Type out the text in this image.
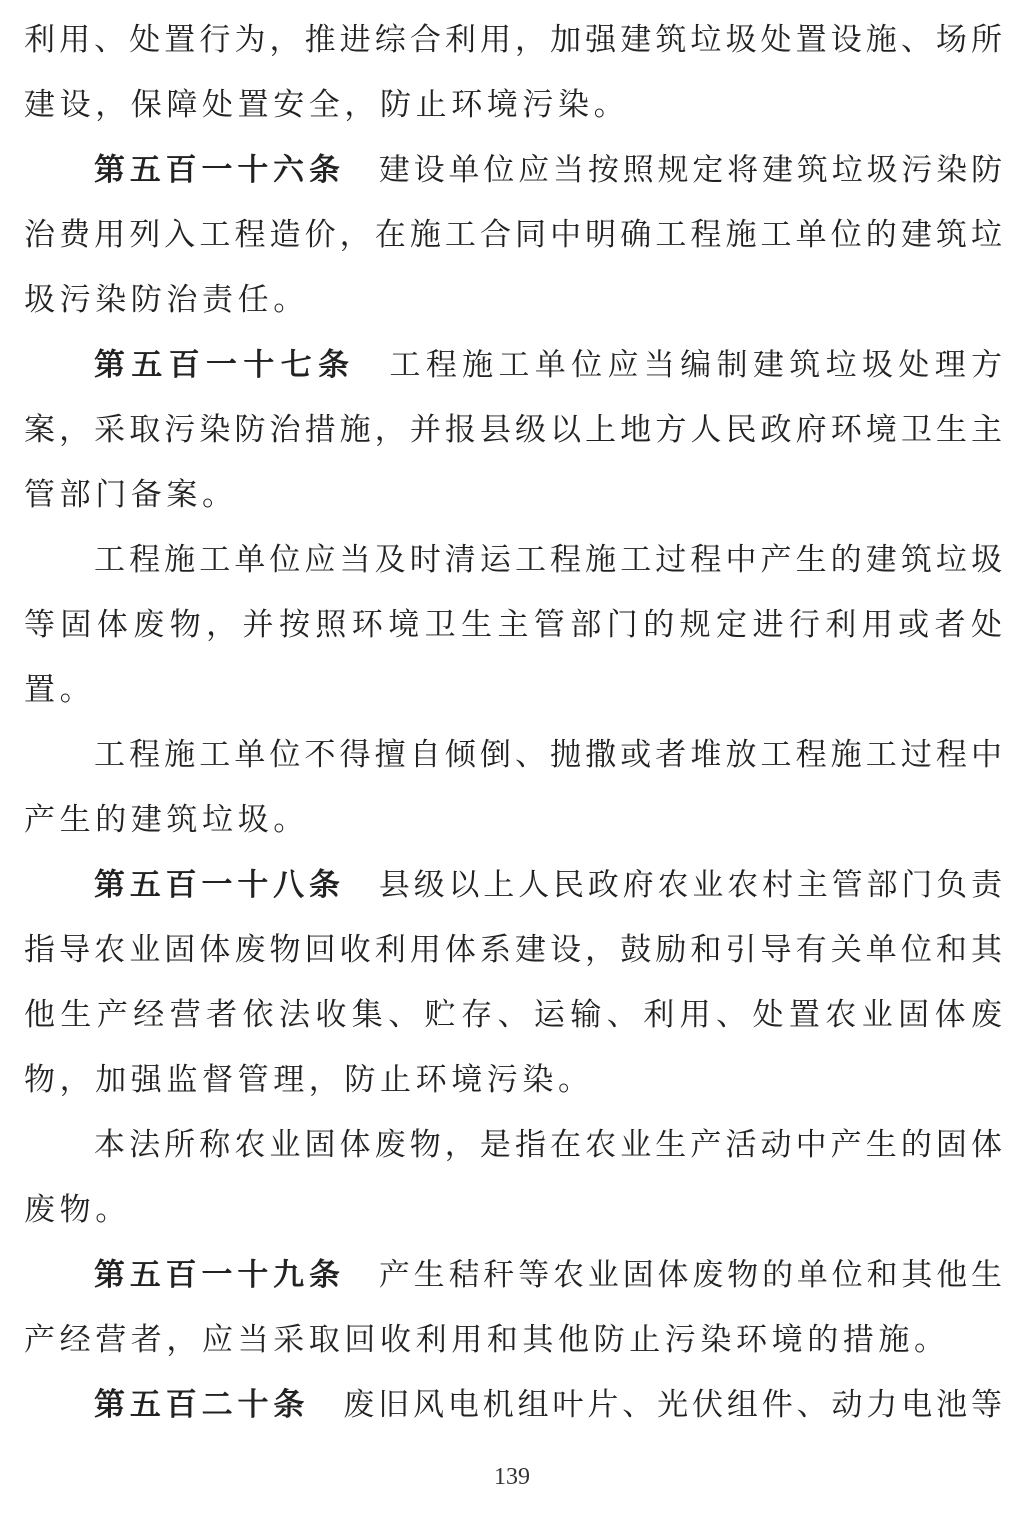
利用、处置行为，推进综合利用，加强建筑垃圾处置设施、场所
建设，保障处置安全，防止环境污染。
第五百一十六条 建设单位应当按照规定将建筑垃圾污染防
治费用列入工程造价，在施工合同中明确工程施工单位的建筑垃
圾污染防治责任。
第五百一十七条 工程施工单位应当编制建筑垃圾处理方
案，采取污染防治措施，并报县级以上地方人民政府环境卫生主
管部门备案。
工程施工单位应当及时清运工程施工过程中产生的建筑垃圾
等固体废物，并按照环境卫生主管部门的规定进行利用或者处
置。
工程施工单位不得擅自倾倒、抛撒或者堆放工程施工过程中
产生的建筑垃圾。
第五百一十八条 县级以上人民政府农业农村主管部门负责
指导农业固体废物回收利用体系建设，鼓励和引导有关单位和其
他生产经营者依法收集、贮存、运输、利用、处置农业固体废
物，加强监督管理，防止环境污染。
本法所称农业固体废物，是指在农业生产活动中产生的固体
废物。
第五百一十九条 产生秸秆等农业固体废物的单位和其他生
产经营者，应当采取回收利用和其他防止污染环境的措施。
第五百二十条 废旧风电机组叶片、光伏组件、动力电池等
139
